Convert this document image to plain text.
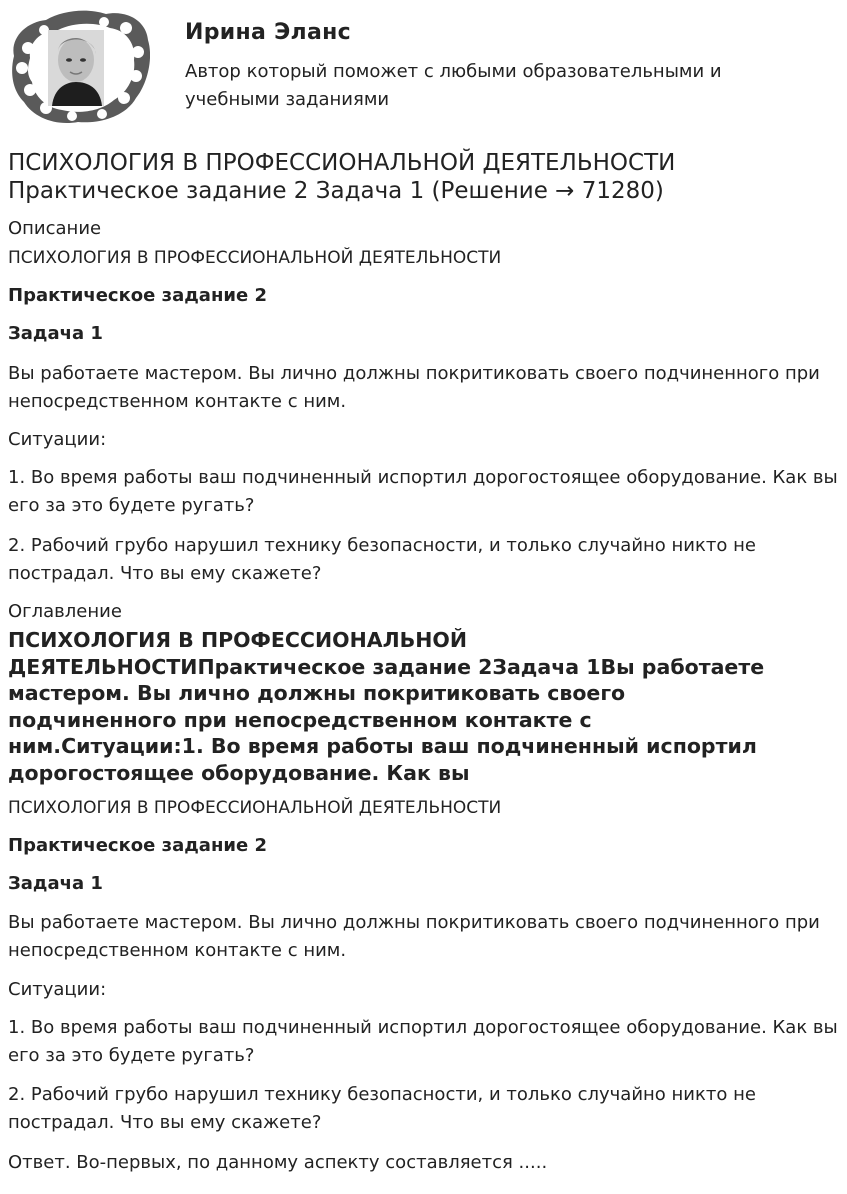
Ирина Эланс
Автор который поможет с любыми образовательными и учебными заданиями
ПСИХОЛОГИЯ В ПРОФЕССИОНАЛЬНОЙ ДЕЯТЕЛЬНОСТИ
Практическое задание 2 Задача 1 (Решение → 71280)
Описание

ПСИХОЛОГИЯ В ПРОФЕССИОНАЛЬНОЙ ДЕЯТЕЛЬНОСТИ

Практическое задание 2

Задача 1

Вы работаете мастером. Вы лично должны покритиковать своего подчиненного при непосредственном контакте с ним.

Ситуации:

1. Во время работы ваш подчиненный испортил дорогостоящее оборудование. Как вы его за это будете ругать?

2. Рабочий грубо нарушил технику безопасности, и только случайно никто не пострадал. Что вы ему скажете?

Оглавление
ПСИХОЛОГИЯ В ПРОФЕССИОНАЛЬНОЙ
ДЕЯТЕЛЬНОСТИПрактическое задание 2Задача 1Вы работаете
мастером. Вы лично должны покритиковать своего
подчиненного при непосредственном контакте с
ним.Ситуации:1. Во время работы ваш подчиненный испортил
дорогостоящее оборудование. Как вы

ПСИХОЛОГИЯ В ПРОФЕССИОНАЛЬНОЙ ДЕЯТЕЛЬНОСТИ

Практическое задание 2

Задача 1

Вы работаете мастером. Вы лично должны покритиковать своего подчиненного при непосредственном контакте с ним.

Ситуации:

1. Во время работы ваш подчиненный испортил дорогостоящее оборудование. Как вы его за это будете ругать?

2. Рабочий грубо нарушил технику безопасности, и только случайно никто не пострадал. Что вы ему скажете?

Ответ. Во-первых, по данному аспекту составляется .....
